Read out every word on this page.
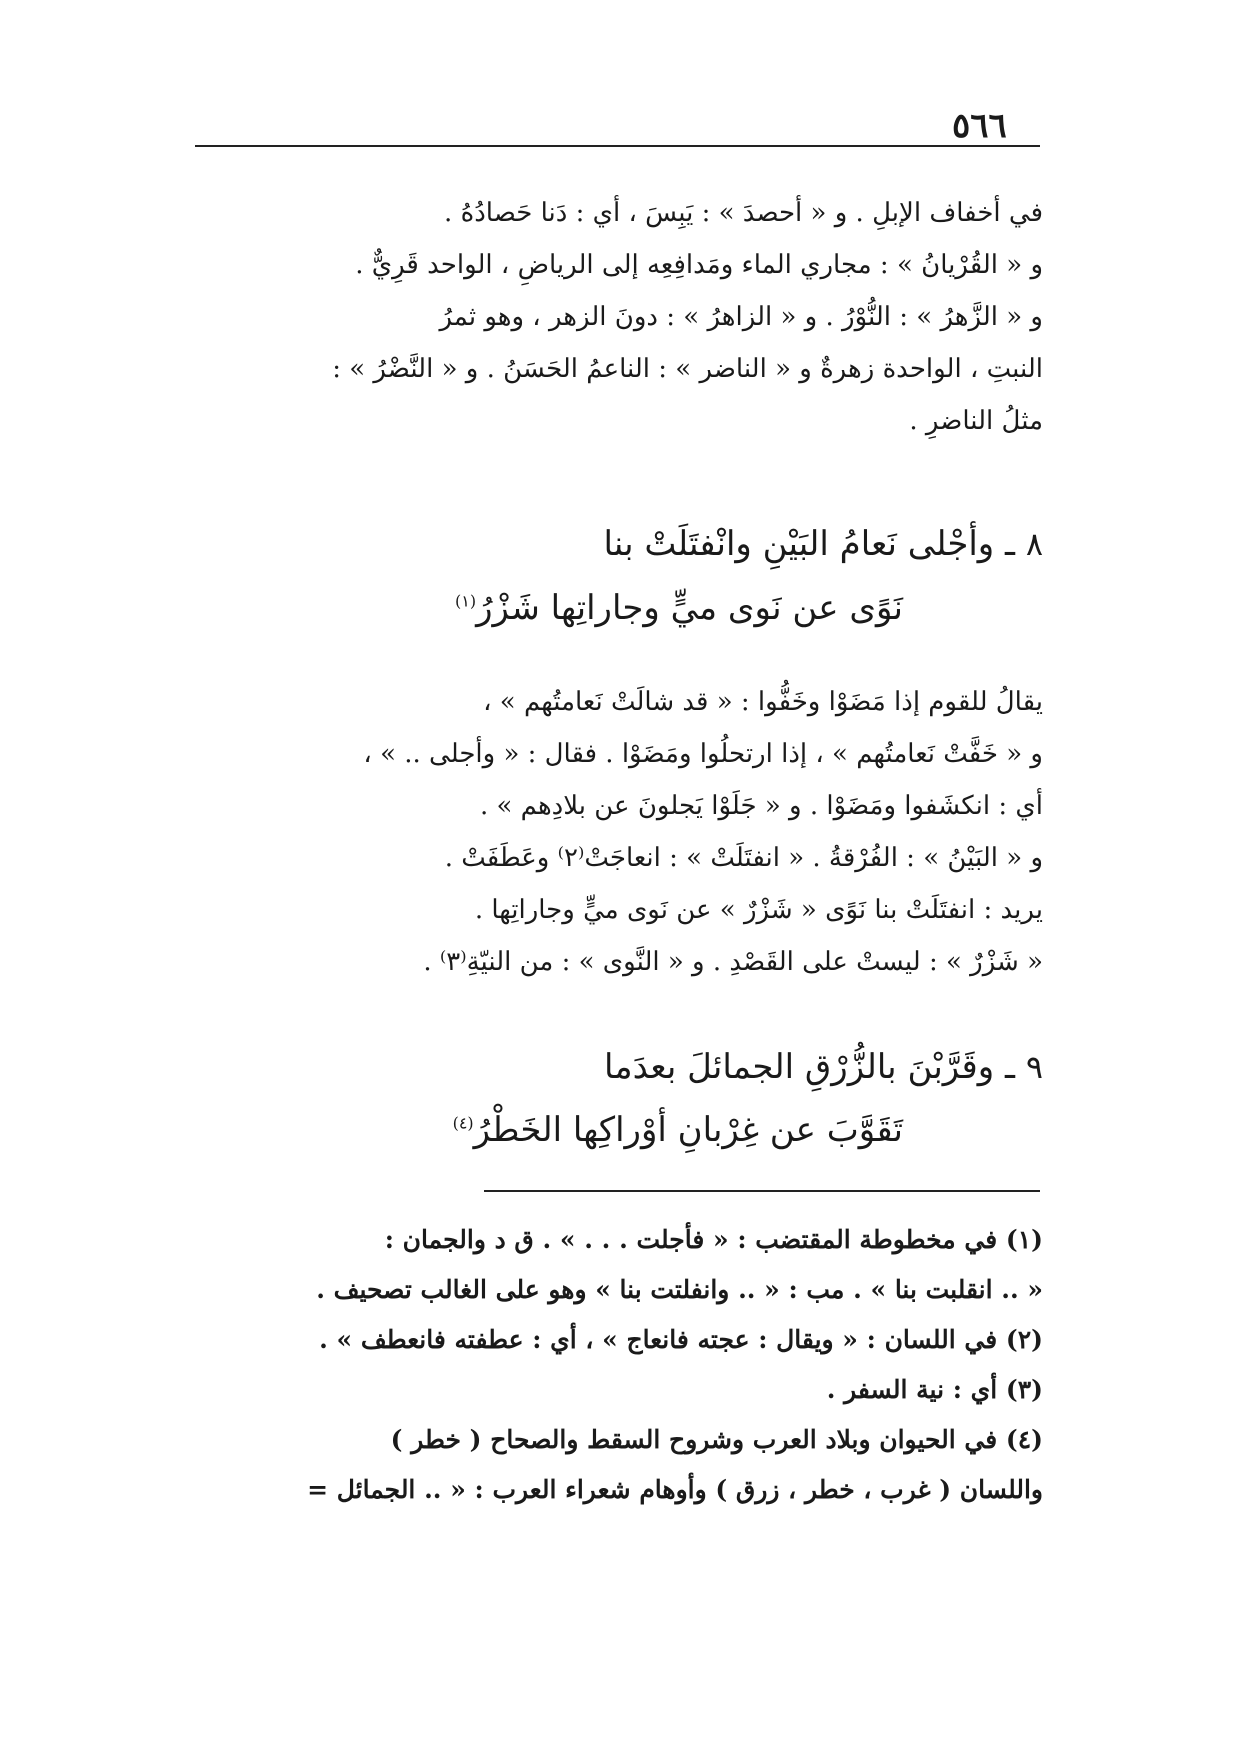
٥٦٦
في أخفاف الإبلِ . و « أحصدَ » : يَبِسَ ، أي : دَنا حَصادُهُ .
و « القُرْيانُ » : مجاري الماء ومَدافِعِه إلى الرياضِ ، الواحد قَرِيٌّ .
و « الزَّهرُ » : النُّوْرُ . و « الزاهرُ » : دونَ الزهر ، وهو ثمرُ
النبتِ ، الواحدة زهرةٌ و « الناضر » : الناعمُ الحَسَنُ . و « النَّضْرُ » :
مثلُ الناضرِ .
٨ ـ وأجْلى نَعامُ البَيْنِ وانْفتَلَتْ بنا
نَوًى عن نَوى ميٍّ وجاراتِها شَزْرُ$^{(١)}$
يقالُ للقوم إذا مَضَوْا وخَفُّوا : « قد شالَتْ نَعامتُهم » ،
و « خَفَّتْ نَعامتُهم » ، إذا ارتحلُوا ومَضَوْا . فقال : « وأجلى .. » ،
أي : انكشَفوا ومَضَوْا . و « جَلَوْا يَجلونَ عن بلادِهم » .
و « البَيْنُ » : الفُرْقةُ . « انفتَلَتْ » : انعاجَتْ⁽٢⁾ وعَطَفَتْ .
يريد : انفتَلَتْ بنا نَوًى « شَزْرٌ » عن نَوى ميٍّ وجاراتِها .
« شَزْرٌ » : ليستْ على القَصْدِ . و « النَّوى » : من النيّةِ⁽٣⁾ .
٩ ـ وقَرَّبْنَ بالزُّرْقِ الجمائلَ بعدَما
تَقَوَّبَ عن غِرْبانِ أوْراكِها الخَطْرُ$^{(٤)}$
(١) في مخطوطة المقتضب : « فأجلت . . . » . ق د والجمان :
« .. انقلبت بنا » . مب : « .. وانفلتت بنا » وهو على الغالب تصحيف .
(٢) في اللسان : « ويقال : عجته فانعاج » ، أي : عطفته فانعطف » .
(٣) أي : نية السفر .
(٤) في الحيوان وبلاد العرب وشروح السقط والصحاح ( خطر )
واللسان ( غرب ، خطر ، زرق ) وأوهام شعراء العرب : « .. الجمائل =
